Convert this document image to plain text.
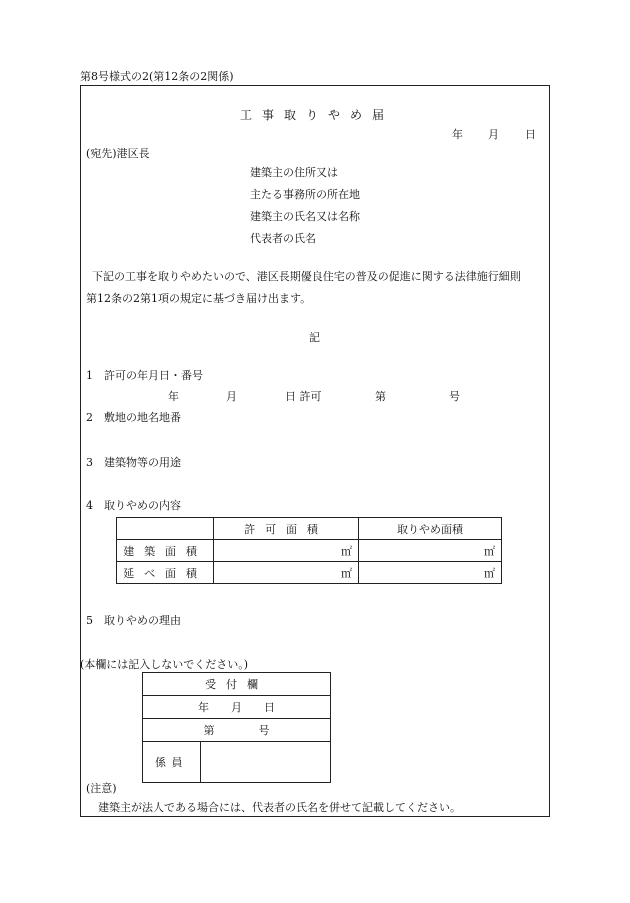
第8号様式の2(第12条の2関係)
工事取りやめ届
年 月 日
(宛先)港区長
建築主の住所又は
主たる事務所の所在地
建築主の氏名又は名称
代表者の氏名
下記の工事を取りやめたいので、港区長期優良住宅の普及の促進に関する法律施行細則
第12条の2第1項の規定に基づき届け出ます。
記
1　許可の年月日・番号
年	月	日 許可	第	号
2　敷地の地名地番
3　建築物等の用途
4　取りやめの内容
	許可面積	取りやめ面積
建築面積	㎡	㎡
延べ面積	㎡	㎡
5　取りやめの理由
(本欄には記入しないでください。)
受付欄
年　　月　　日
第　　　　号
係員	
(注意)
建築主が法人である場合には、代表者の氏名を併せて記載してください。
